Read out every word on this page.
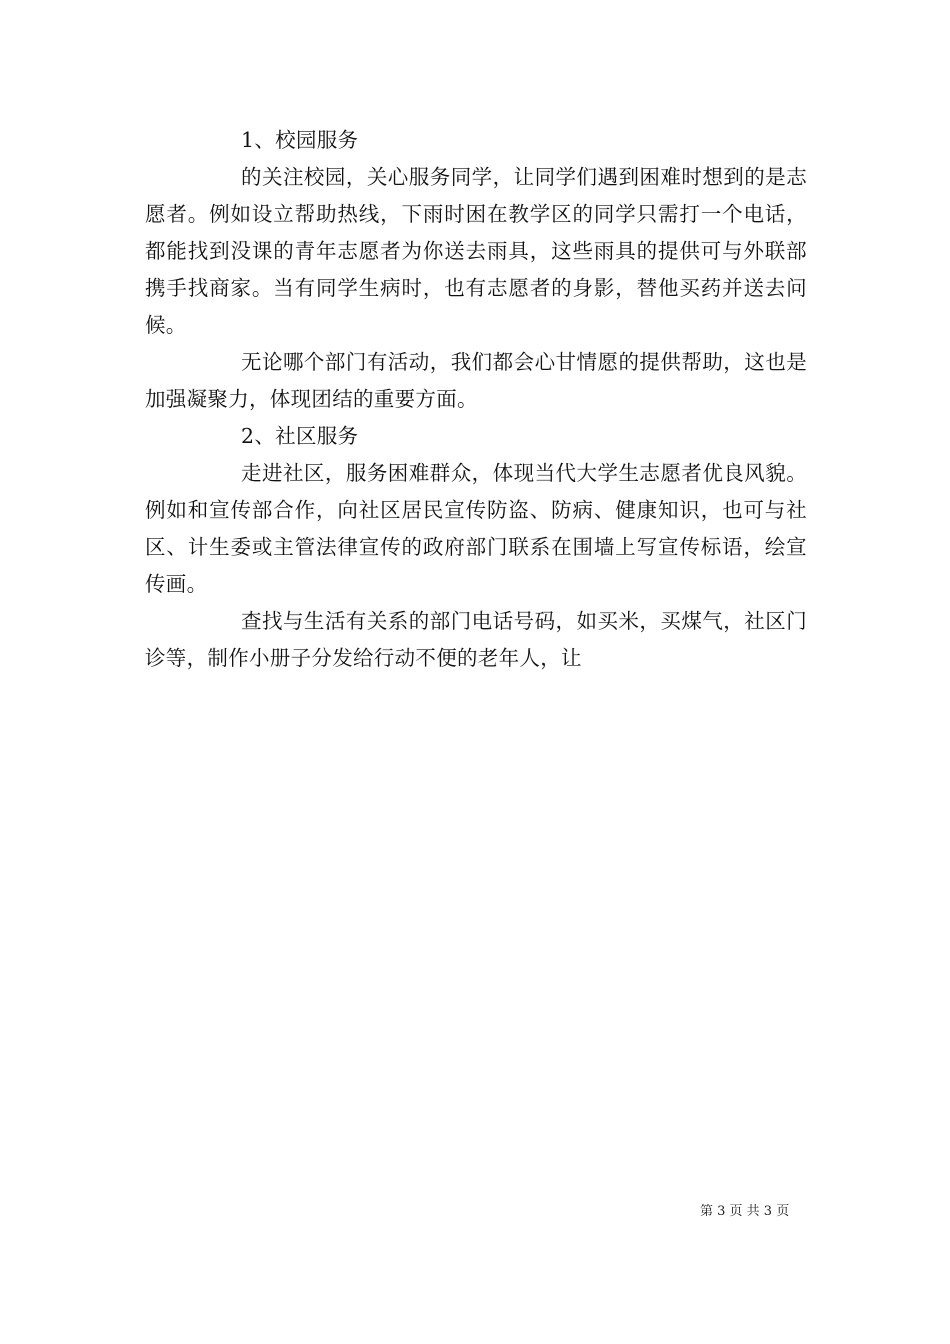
1、校园服务

的关注校园，关心服务同学，让同学们遇到困难时想到的是志愿者。例如设立帮助热线，下雨时困在教学区的同学只需打一个电话，都能找到没课的青年志愿者为你送去雨具，这些雨具的提供可与外联部携手找商家。当有同学生病时，也有志愿者的身影，替他买药并送去问候。

无论哪个部门有活动，我们都会心甘情愿的提供帮助，这也是加强凝聚力，体现团结的重要方面。

2、社区服务

走进社区，服务困难群众，体现当代大学生志愿者优良风貌。例如和宣传部合作，向社区居民宣传防盗、防病、健康知识，也可与社区、计生委或主管法律宣传的政府部门联系在围墙上写宣传标语，绘宣传画。

查找与生活有关系的部门电话号码，如买米，买煤气，社区门诊等，制作小册子分发给行动不便的老年人，让

第 3 页 共 3 页
